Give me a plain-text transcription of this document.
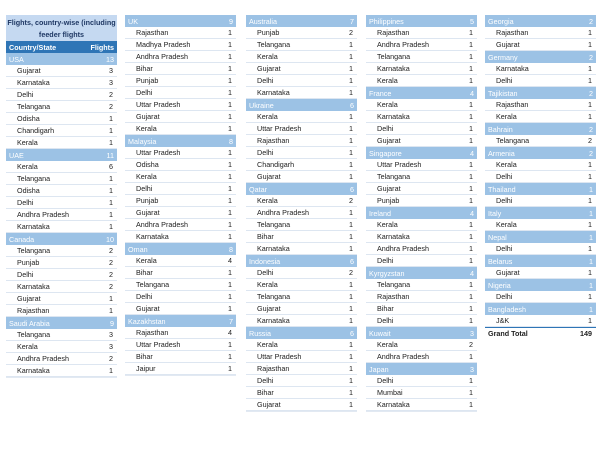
Flights, country-wise (including feeder flights
Country/State	Flights
USA	13
Gujarat	3
Karnataka	3
Delhi	2
Telangana	2
Odisha	1
Chandigarh	1
Kerala	1
UAE	11
Kerala	6
Telangana	1
Odisha	1
Delhi	1
Andhra Pradesh	1
Karnataka	1
Canada	10
Telangana	2
Punjab	2
Delhi	2
Karnataka	2
Gujarat	1
Rajasthan	1
Saudi Arabia	9
Telangana	3
Kerala	3
Andhra Pradesh	2
Karnataka	1
UK	9
Rajasthan	1
Madhya Pradesh	1
Andhra Pradesh	1
Bihar	1
Punjab	1
Delhi	1
Uttar Pradesh	1
Gujarat	1
Kerala	1
Malaysia	8
Uttar Pradesh	1
Odisha	1
Kerala	1
Delhi	1
Punjab	1
Gujarat	1
Andhra Pradesh	1
Karnataka	1
Oman	8
Kerala	4
Bihar	1
Telangana	1
Delhi	1
Gujarat	1
Kazakhstan	7
Rajasthan	4
Uttar Pradesh	1
Bihar	1
Jaipur	1
Australia	7
Punjab	2
Telangana	1
Kerala	1
Gujarat	1
Delhi	1
Karnataka	1
Ukraine	6
Kerala	1
Uttar Pradesh	1
Rajasthan	1
Delhi	1
Chandigarh	1
Gujarat	1
Qatar	6
Kerala	2
Andhra Pradesh	1
Telangana	1
Bihar	1
Karnataka	1
Indonesia	6
Delhi	2
Kerala	1
Telangana	1
Gujarat	1
Karnataka	1
Russia	6
Kerala	1
Uttar Pradesh	1
Rajasthan	1
Delhi	1
Bihar	1
Gujarat	1
Philippines	5
Rajasthan	1
Andhra Pradesh	1
Telangana	1
Karnataka	1
Kerala	1
France	4
Kerala	1
Karnataka	1
Delhi	1
Gujarat	1
Singapore	4
Uttar Pradesh	1
Telangana	1
Gujarat	1
Punjab	1
Ireland	4
Kerala	1
Karnataka	1
Andhra Pradesh	1
Delhi	1
Kyrgyzstan	4
Telangana	1
Rajasthan	1
Bihar	1
Delhi	1
Kuwait	3
Kerala	2
Andhra Pradesh	1
Japan	3
Delhi	1
Mumbai	1
Karnataka	1
Georgia	2
Rajasthan	1
Gujarat	1
Germany	2
Karnataka	1
Delhi	1
Tajikistan	2
Rajasthan	1
Kerala	1
Bahrain	2
Telangana	2
Armenia	2
Kerala	1
Delhi	1
Thailand	1
Delhi	1
Italy	1
Kerala	1
Nepal	1
Delhi	1
Belarus	1
Gujarat	1
Nigeria	1
Delhi	1
Bangladesh	1
J&K	1
Grand Total	149
